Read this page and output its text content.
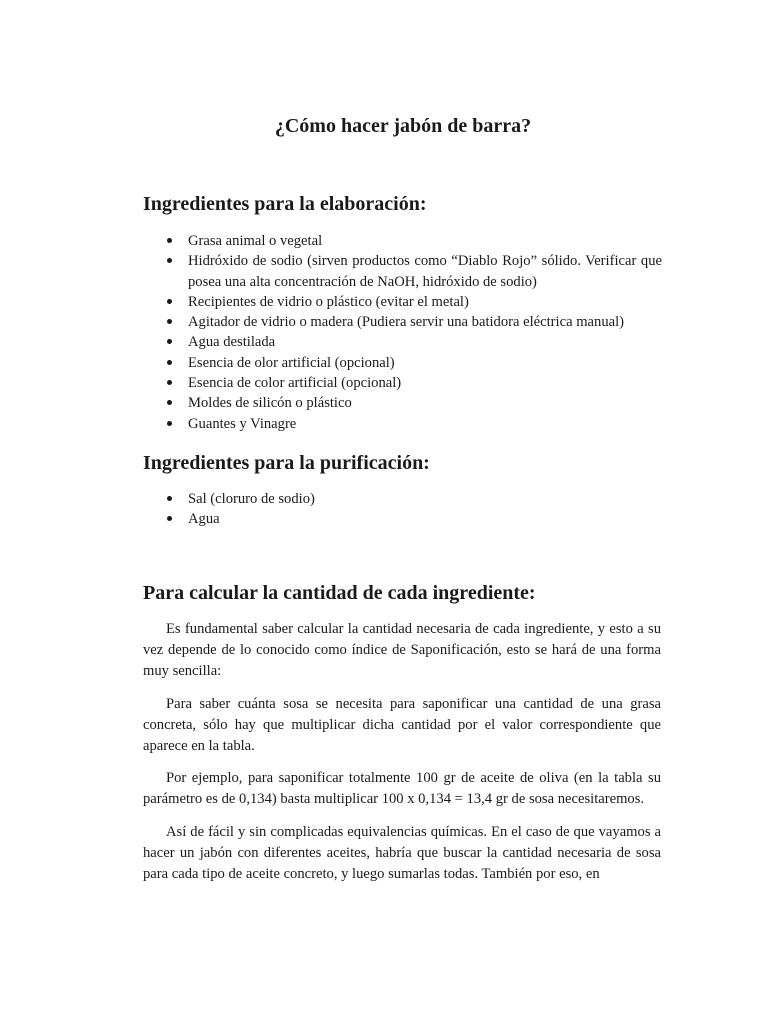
¿Cómo hacer jabón de barra?
Ingredientes para la elaboración:
Grasa animal o vegetal
Hidróxido de sodio (sirven productos como “Diablo Rojo” sólido. Verificar que posea una alta concentración de NaOH, hidróxido de sodio)
Recipientes de vidrio o plástico (evitar el metal)
Agitador de vidrio o madera (Pudiera servir una batidora eléctrica manual)
Agua destilada
Esencia de olor artificial (opcional)
Esencia de color artificial (opcional)
Moldes de silicón o plástico
Guantes y Vinagre
Ingredientes para la purificación:
Sal (cloruro de sodio)
Agua
Para calcular la cantidad de cada ingrediente:

Es fundamental saber calcular la cantidad necesaria de cada ingrediente, y esto a su vez depende de lo conocido como índice de Saponificación, esto se hará de una forma muy sencilla:

Para saber cuánta sosa se necesita para saponificar una cantidad de una grasa concreta, sólo hay que multiplicar dicha cantidad por el valor correspondiente que aparece en la tabla.

Por ejemplo, para saponificar totalmente 100 gr de aceite de oliva (en la tabla su parámetro es de 0,134) basta multiplicar 100 x 0,134 = 13,4 gr de sosa necesitaremos.

Así de fácil y sin complicadas equivalencias químicas. En el caso de que vayamos a hacer un jabón con diferentes aceites, habría que buscar la cantidad necesaria de sosa para cada tipo de aceite concreto, y luego sumarlas todas. También por eso, en
